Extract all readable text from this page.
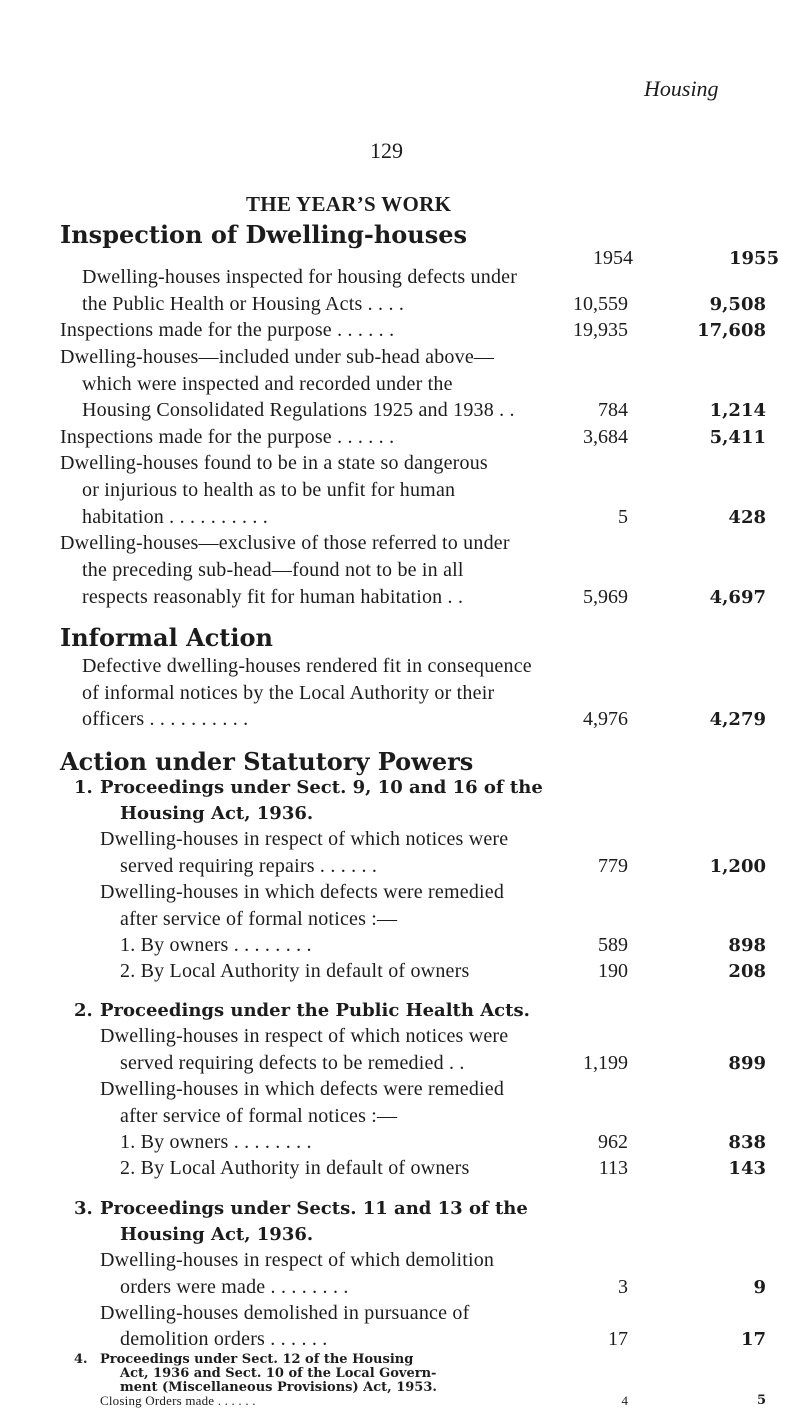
Housing
129
THE YEAR’S WORK
Inspection of Dwelling-houses
1954	1955
Dwelling-houses inspected for housing defects under
the Public Health or Housing Acts . . . .	10,559	9,508
Inspections made for the purpose . . . . . .	19,935	17,608
Dwelling-houses—included under sub-head above—
which were inspected and recorded under the
Housing Consolidated Regulations 1925 and 1938 . .	784	1,214
Inspections made for the purpose . . . . . .	3,684	5,411
Dwelling-houses found to be in a state so dangerous
or injurious to health as to be unfit for human
habitation . . . . . . . . . .	5	428
Dwelling-houses—exclusive of those referred to under
the preceding sub-head—found not to be in all
respects reasonably fit for human habitation . .	5,969	4,697
Informal Action
Defective dwelling-houses rendered fit in consequence
of informal notices by the Local Authority or their
officers . . . . . . . . . .	4,976	4,279
Action under Statutory Powers
1. Proceedings under Sect. 9, 10 and 16 of the
Housing Act, 1936.
Dwelling-houses in respect of which notices were
served requiring repairs . . . . . .	779	1,200
Dwelling-houses in which defects were remedied
after service of formal notices :—
1. By owners . . . . . . . .	589	898
2. By Local Authority in default of owners	190	208
2. Proceedings under the Public Health Acts.
Dwelling-houses in respect of which notices were
served requiring defects to be remedied . .	1,199	899
Dwelling-houses in which defects were remedied
after service of formal notices :—
1. By owners . . . . . . . .	962	838
2. By Local Authority in default of owners	113	143
3. Proceedings under Sects. 11 and 13 of the
Housing Act, 1936.
Dwelling-houses in respect of which demolition
orders were made . . . . . . . .	3	9
Dwelling-houses demolished in pursuance of
demolition orders . . . . . .	17	17
4. Proceedings under Sect. 12 of the Housing
Act, 1936 and Sect. 10 of the Local Govern-
ment (Miscellaneous Provisions) Act, 1953.
Closing Orders made . . . . . .	4	5
